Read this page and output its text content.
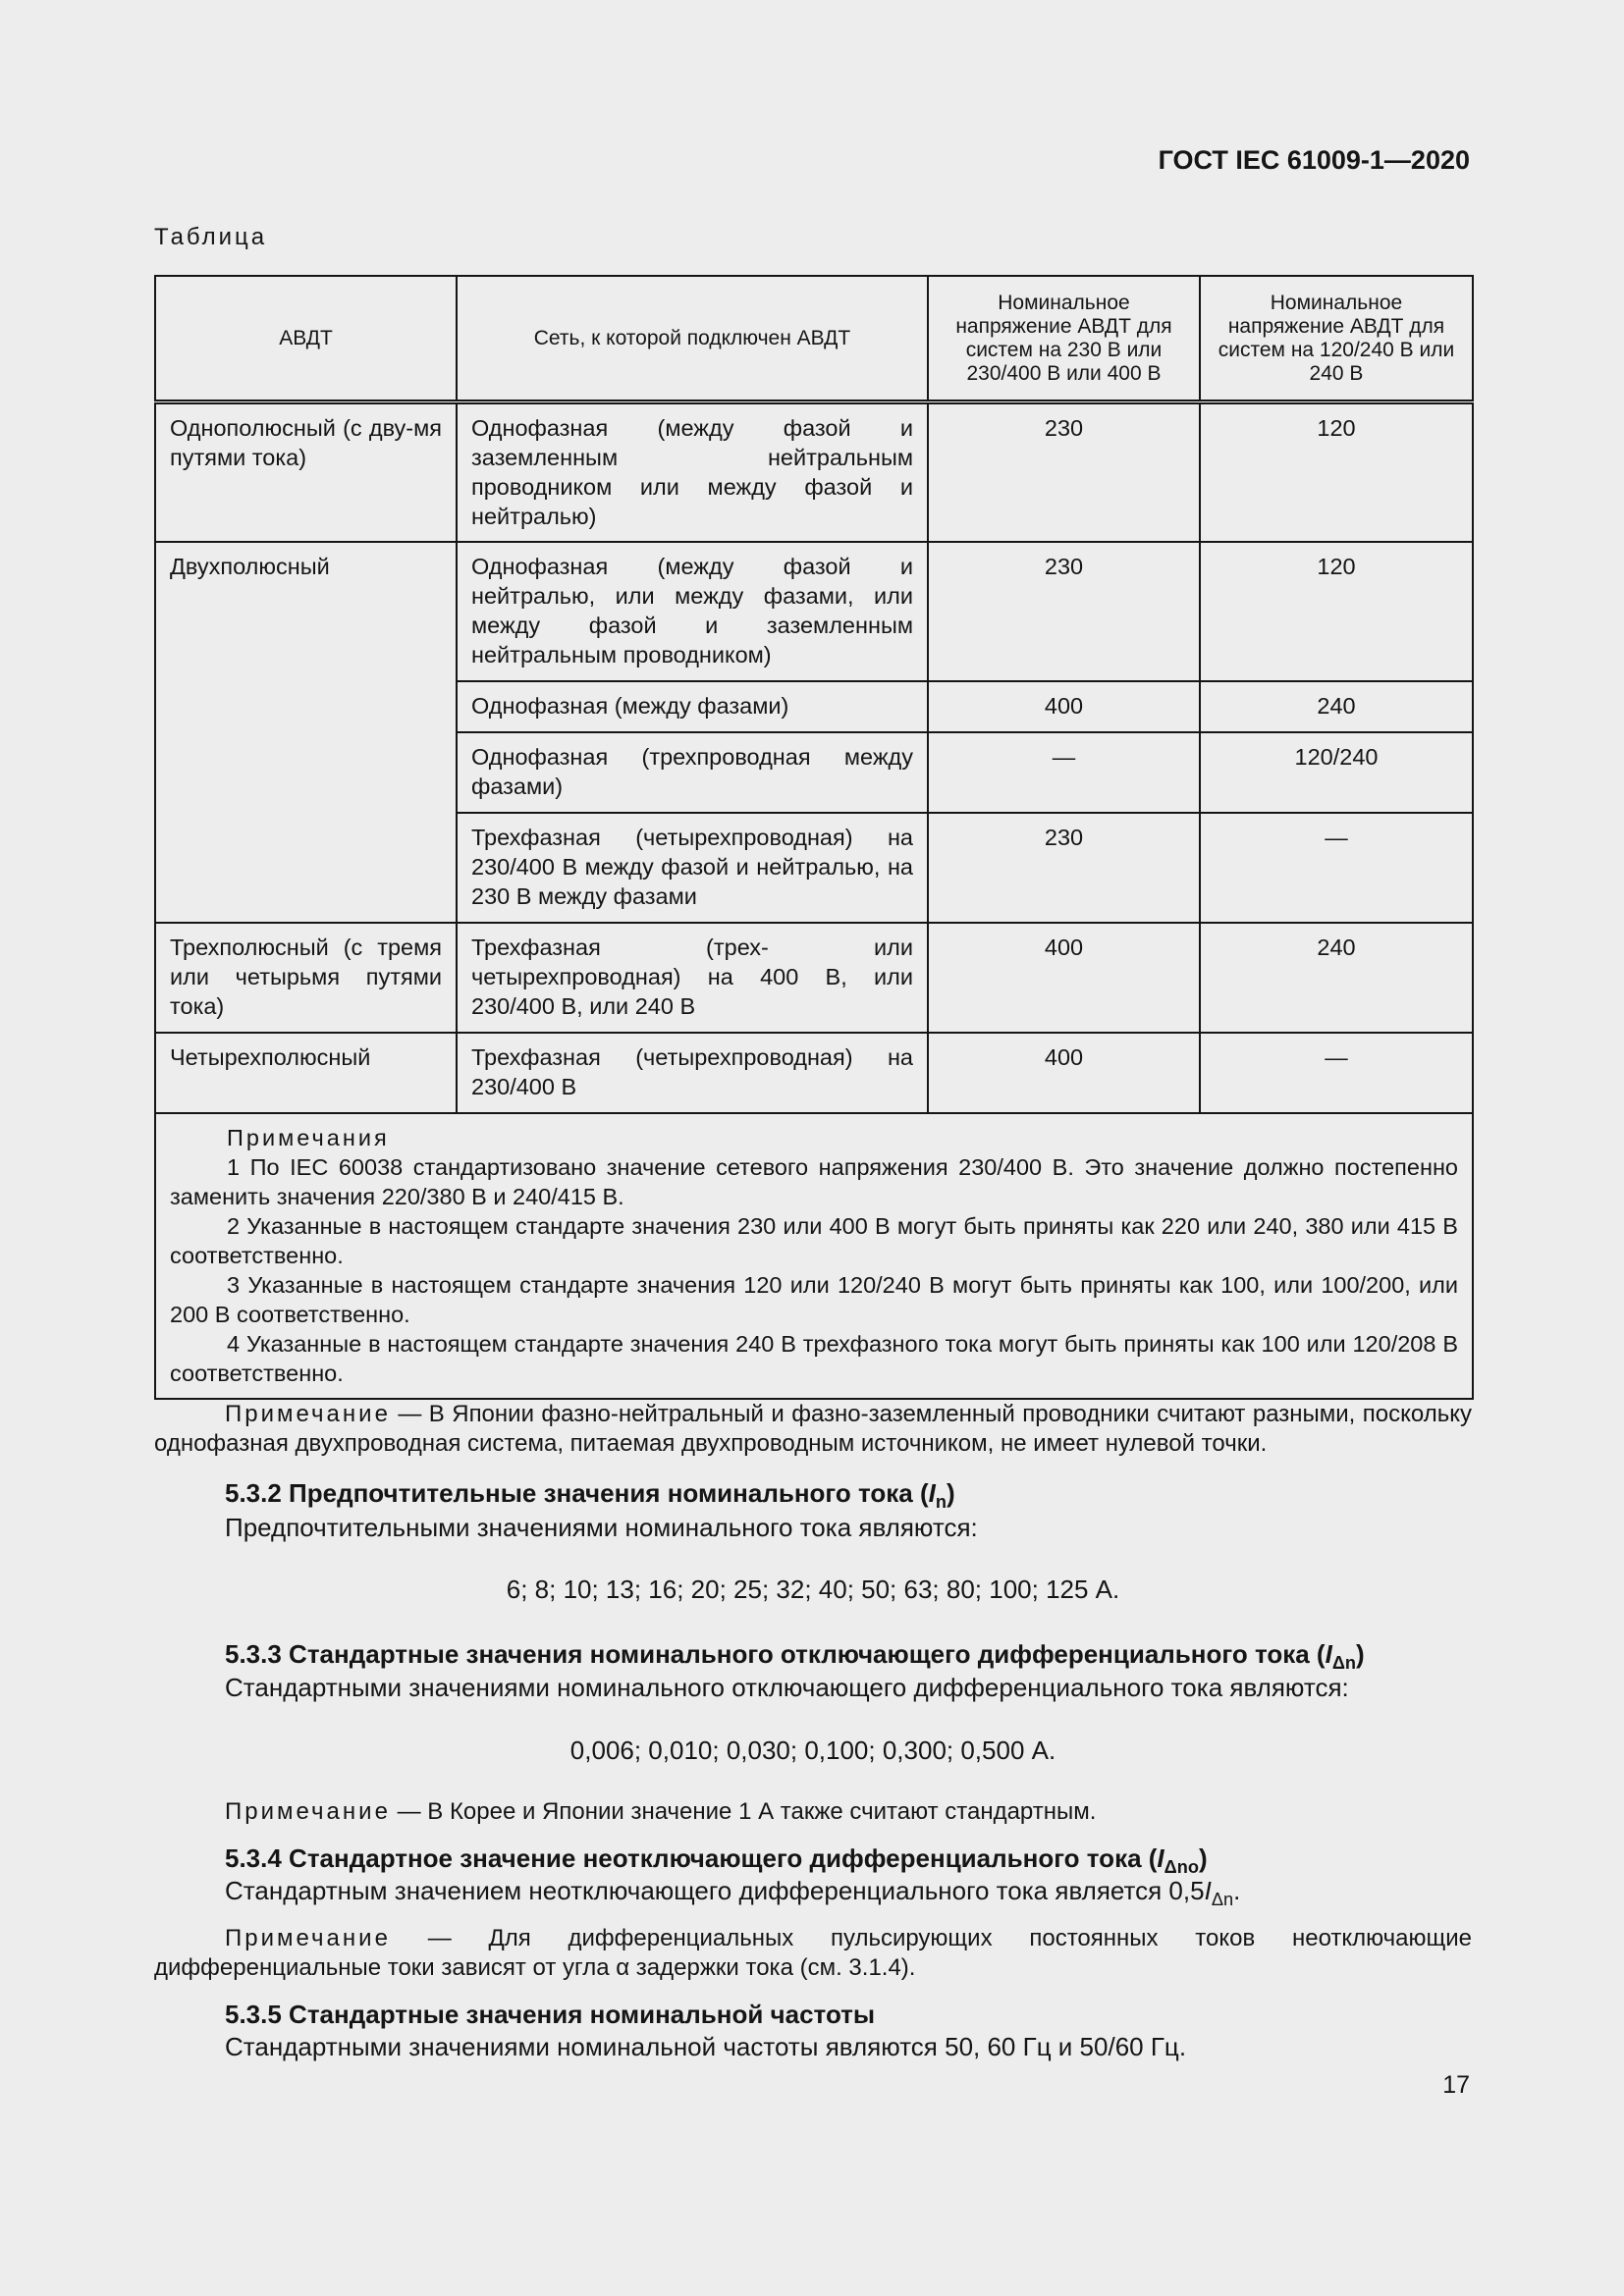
ГОСТ IEC 61009-1—2020

Таблица

АВДТ	Сеть, к которой подключен АВДТ	Номинальное напряжение АВДТ для систем на 230 В или 230/400 В или 400 В	Номинальное напряжение АВДТ для систем на 120/240 В или 240 В
Однополюсный (с дву-мя путями тока)	Однофазная (между фазой и заземленным нейтральным проводником или между фазой и нейтралью)	230	120
Двухполюсный	Однофазная (между фазой и нейтралью, или между фазами, или между фазой и заземленным нейтральным проводником)	230	120
	Однофазная (между фазами)	400	240
	Однофазная (трехпроводная между фазами)	—	120/240
	Трехфазная (четырехпроводная) на 230/400 В между фазой и нейтралью, на 230 В между фазами	230	—
Трехполюсный (с тремя или четырьмя путями тока)	Трехфазная (трех- или четырехпроводная) на 400 В, или 230/400 В, или 240 В	400	240
Четырехполюсный	Трехфазная (четырехпроводная) на 230/400 В	400	—

Примечания

1 По IEC 60038 стандартизовано значение сетевого напряжения 230/400 В. Это значение должно постепенно заменить значения 220/380 В и 240/415 В.

2 Указанные в настоящем стандарте значения 230 или 400 В могут быть приняты как 220 или 240, 380 или 415 В соответственно.

3 Указанные в настоящем стандарте значения 120 или 120/240 В могут быть приняты как 100, или 100/200, или 200 В соответственно.

4 Указанные в настоящем стандарте значения 240 В трехфазного тока могут быть приняты как 100 или 120/208 В соответственно.			

Примечание — В Японии фазно-нейтральный и фазно-заземленный проводники считают разными, поскольку однофазная двухпроводная система, питаемая двухпроводным источником, не имеет нулевой точки.

5.3.2 Предпочтительные значения номинального тока $(I_n)$

Предпочтительными значениями номинального тока являются:

6; 8; 10; 13; 16; 20; 25; 32; 40; 50; 63; 80; 100; 125 А.

5.3.3 Стандартные значения номинального отключающего дифференциального тока $(I_{\Delta n})$

Стандартными значениями номинального отключающего дифференциального тока являются:

0,006; 0,010; 0,030; 0,100; 0,300; 0,500 А.

Примечание — В Корее и Японии значение 1 А также считают стандартным.

5.3.4 Стандартное значение неотключающего дифференциального тока $(I_{\Delta no})$

Стандартным значением неотключающего дифференциального тока является $0,5I_{\Delta n}$.

Примечание — Для дифференциальных пульсирующих постоянных токов неотключающие дифференциальные токи зависят от угла α задержки тока (см. 3.1.4).

5.3.5 Стандартные значения номинальной частоты

Стандартными значениями номинальной частоты являются 50, 60 Гц и 50/60 Гц.

17
